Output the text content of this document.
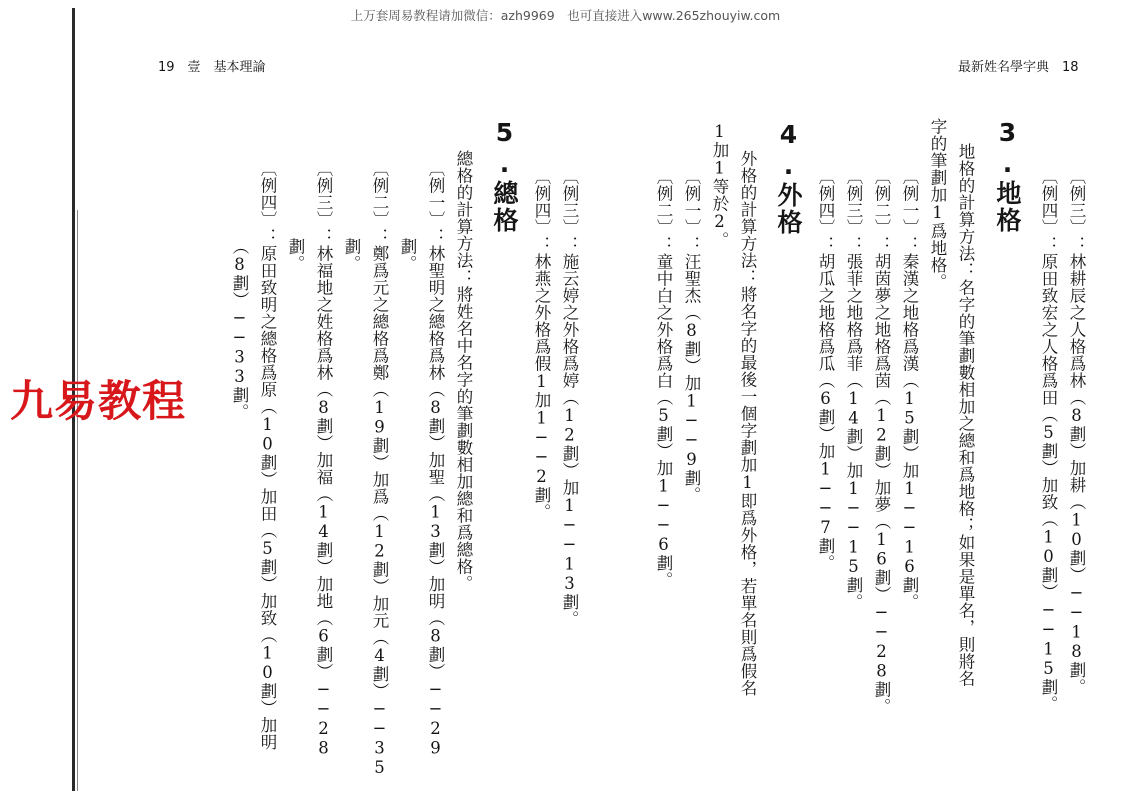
上万套周易教程请加微信：azh9969　也可直接进入www.265zhouyiw.com
19　壹　基本理論	最新姓名學字典　18
〔例三〕：林耕辰之人格爲林（8劃）加耕（10劃）──18劃。
〔例四〕：原田致宏之人格爲田（5劃）加致（10劃）──15劃。
3.地格
地格的計算方法：名字的筆劃數相加之總和爲地格；如果是單名，則將名
字的筆劃加1爲地格。
〔例一〕：秦漢之地格爲漢（15劃）加1──16劃。
〔例二〕：胡茵夢之地格爲茵（12劃）加夢（16劃）──28劃。
〔例三〕：張菲之地格爲菲（14劃）加1──15劃。
〔例四〕：胡瓜之地格爲瓜（6劃）加1──7劃。
4.外格
外格的計算方法：將名字的最後一個字劃加1即爲外格，若單名則爲假名
1加1等於2。
〔例一〕：汪聖杰（8劃）加1──9劃。
〔例二〕：童中白之外格爲白（5劃）加1──6劃。
〔例三〕：施云婷之外格爲婷（12劃）加1──13劃。
〔例四〕：林燕之外格爲假1加1──2劃。
5.總格
總格的計算方法：將姓名中名字的筆劃數相加總和爲總格。
〔例一〕：林聖明之總格爲林（8劃）加聖（13劃）加明（8劃）──29
劃。
〔例二〕：鄭爲元之總格爲鄭（19劃）加爲（12劃）加元（4劃）──35
劃。
〔例三〕：林福地之姓格爲林（8劃）加福（14劃）加地（6劃）──28
劃。
〔例四〕：原田致明之總格爲原（10劃）加田（5劃）加致（10劃）加明
（8劃）──33劃。
九易教程
